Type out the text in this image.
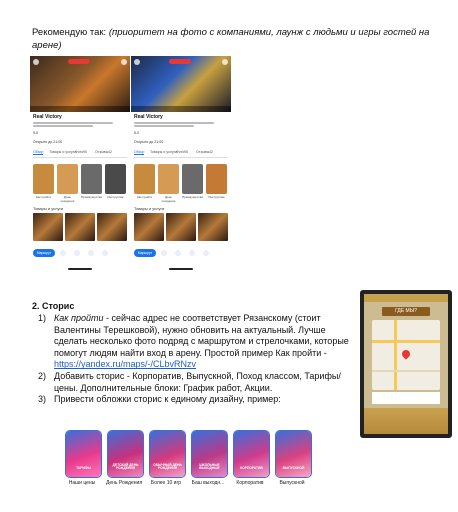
Рекомендую так: (приоритет на фото с компаниями, лаунж с людьми и игры гостей на арене)
Real Victory
5.0
Открыто до 21:00
Обзор Товары и услуги
Фото 95 Отзывы 42
Как пройти	День рождения
Преимущества	Инструктаж
Товары и услуги
Маршрут
Real Victory
5.0
Открыто до 21:00
Обзор Товары и услуги
Фото 95 Отзывы 42
Как пройти	День рождения
Преимущества	Инструктаж
Товары и услуги
Маршрут
2. Сторис
1) Как пройти - сейчас адрес не соответствует Рязанскому (стоит Валентины Терешковой), нужно обновить на актуальный. Лучше сделать несколько фото подряд с маршрутом и стрелочками, которые помогут людям найти вход в арену. Простой пример Как пройти - https://yandex.ru/maps/-/CLbvRNzv
2) Добавить сторис - Корпоратив, Выпускной, Поход классом, Тарифы/цены. Дополнительные блоки: График работ, Акции.
3) Привести обложки сторис к единому дизайну, пример:
ГДЕ МЫ?
ТАРИФЫ
ДЕТСКИЙ ДЕНЬ РОЖДЕНИЯ
ОБЫЧНЫЙ ДЕНЬ РОЖДЕНИЯ
ШКОЛЬНЫЕ ВЫХОДНЫЕ	КОРПОРАТИВ	ВЫПУСКНОЙ
Наши цены	День Рождения	Более 10 игр	Баш выходн...	Корпоратив	Выпускной
